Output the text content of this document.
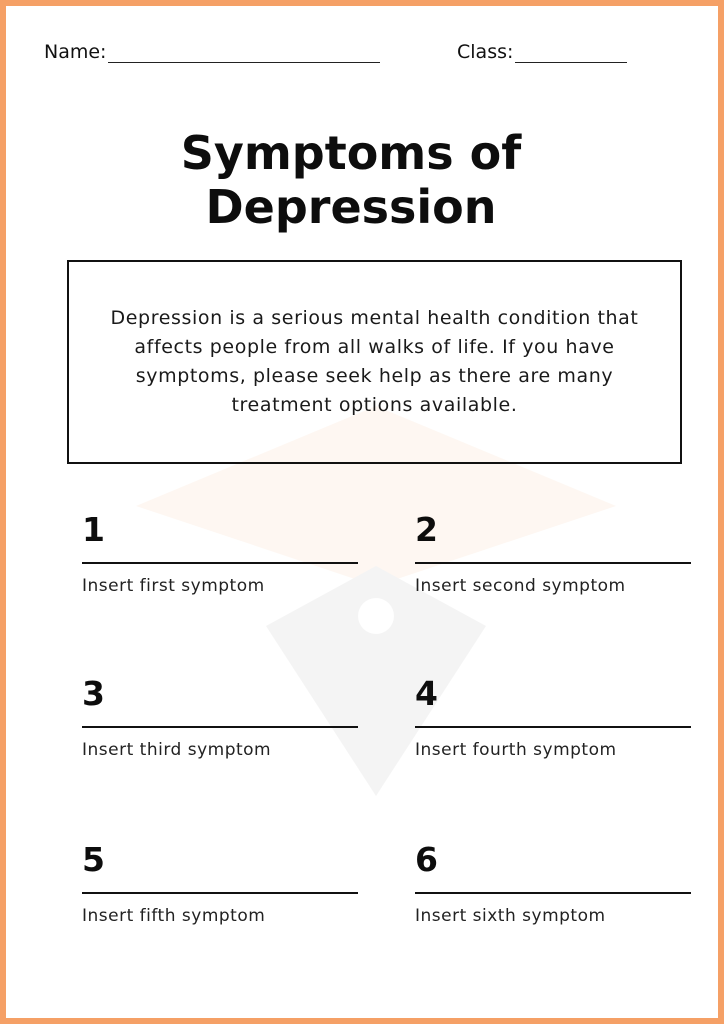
Name:	Class:
Symptoms of
Depression

Depression is a serious mental health condition that affects people from all walks of life. If you have symptoms, please seek help as there are many treatment options available.

1
Insert first symptom
2
Insert second symptom
3
Insert third symptom
4
Insert fourth symptom
5
Insert fifth symptom
6
Insert sixth symptom
